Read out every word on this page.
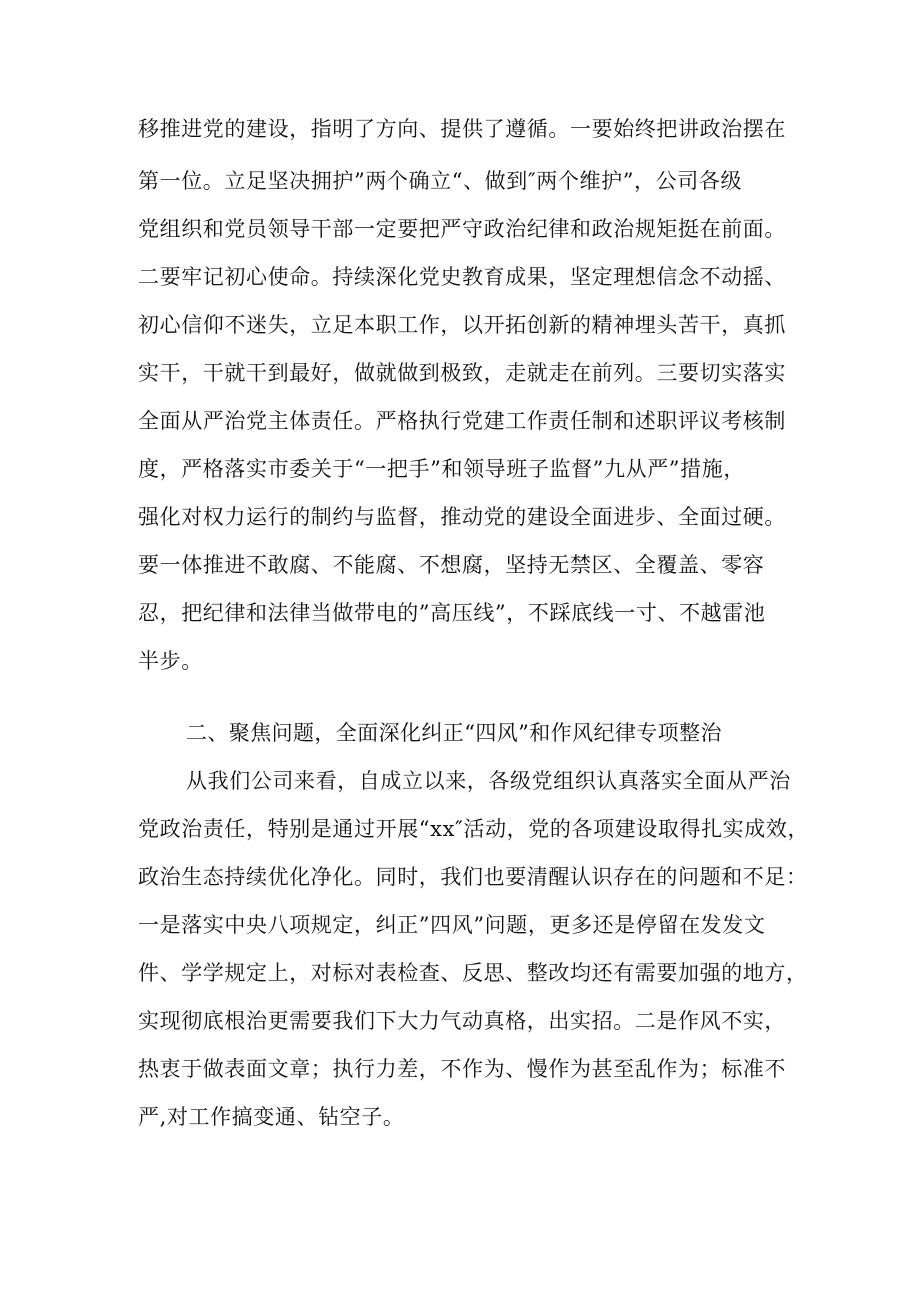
移推进党的建设，指明了方向、提供了遵循。一要始终把讲政治摆在
第一位。立足坚决拥护”两个确立“、做到″两个维护”，公司各级
党组织和党员领导干部一定要把严守政治纪律和政治规矩挺在前面。
二要牢记初心使命。持续深化党史教育成果，坚定理想信念不动摇、
初心信仰不迷失，立足本职工作，以开拓创新的精神埋头苦干，真抓
实干，干就干到最好，做就做到极致，走就走在前列。三要切实落实
全面从严治党主体责任。严格执行党建工作责任制和述职评议考核制
度，严格落实市委关于“一把手”和领导班子监督”九从严”措施，
强化对权力运行的制约与监督，推动党的建设全面进步、全面过硬。
要一体推进不敢腐、不能腐、不想腐，坚持无禁区、全覆盖、零容
忍，把纪律和法律当做带电的”高压线”，不踩底线一寸、不越雷池
半步。
二、聚焦问题，全面深化纠正“四风”和作风纪律专项整治
从我们公司来看，自成立以来，各级党组织认真落实全面从严治
党政治责任，特别是通过开展“xx″活动，党的各项建设取得扎实成效，
政治生态持续优化净化。同时，我们也要清醒认识存在的问题和不足：
一是落实中央八项规定，纠正”四风”问题，更多还是停留在发发文
件、学学规定上，对标对表检查、反思、整改均还有需要加强的地方，
实现彻底根治更需要我们下大力气动真格，出实招。二是作风不实，
热衷于做表面文章；执行力差，不作为、慢作为甚至乱作为；标准不
严,对工作搞变通、钻空子。
